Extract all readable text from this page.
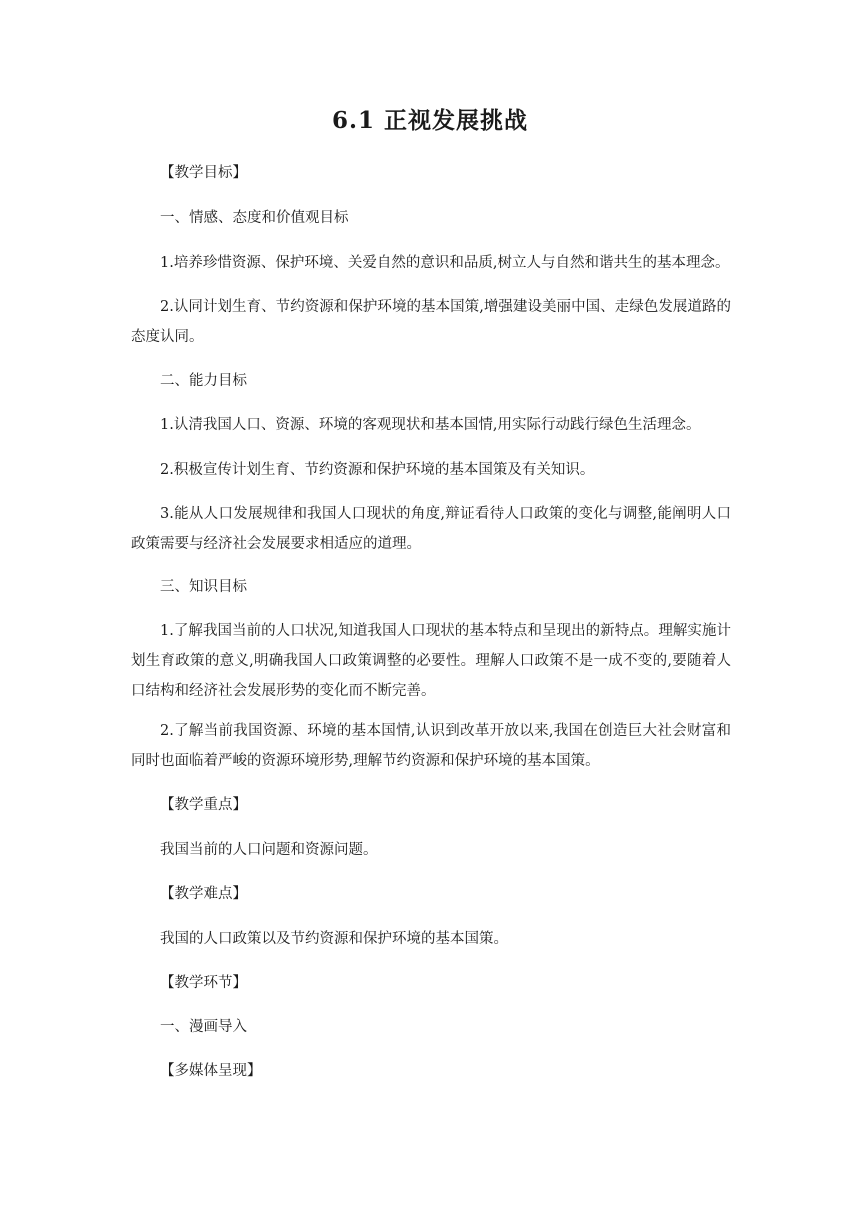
6.1 正视发展挑战
【教学目标】
一、情感、态度和价值观目标
1.培养珍惜资源、保护环境、关爱自然的意识和品质,树立人与自然和谐共生的基本理念。
2.认同计划生育、节约资源和保护环境的基本国策,增强建设美丽中国、走绿色发展道路的态度认同。
二、能力目标
1.认清我国人口、资源、环境的客观现状和基本国情,用实际行动践行绿色生活理念。
2.积极宣传计划生育、节约资源和保护环境的基本国策及有关知识。
3.能从人口发展规律和我国人口现状的角度,辩证看待人口政策的变化与调整,能阐明人口政策需要与经济社会发展要求相适应的道理。
三、知识目标
1.了解我国当前的人口状况,知道我国人口现状的基本特点和呈现出的新特点。理解实施计划生育政策的意义,明确我国人口政策调整的必要性。理解人口政策不是一成不变的,要随着人口结构和经济社会发展形势的变化而不断完善。
2.了解当前我国资源、环境的基本国情,认识到改革开放以来,我国在创造巨大社会财富和同时也面临着严峻的资源环境形势,理解节约资源和保护环境的基本国策。
【教学重点】
我国当前的人口问题和资源问题。
【教学难点】
我国的人口政策以及节约资源和保护环境的基本国策。
【教学环节】
一、漫画导入
【多媒体呈现】
